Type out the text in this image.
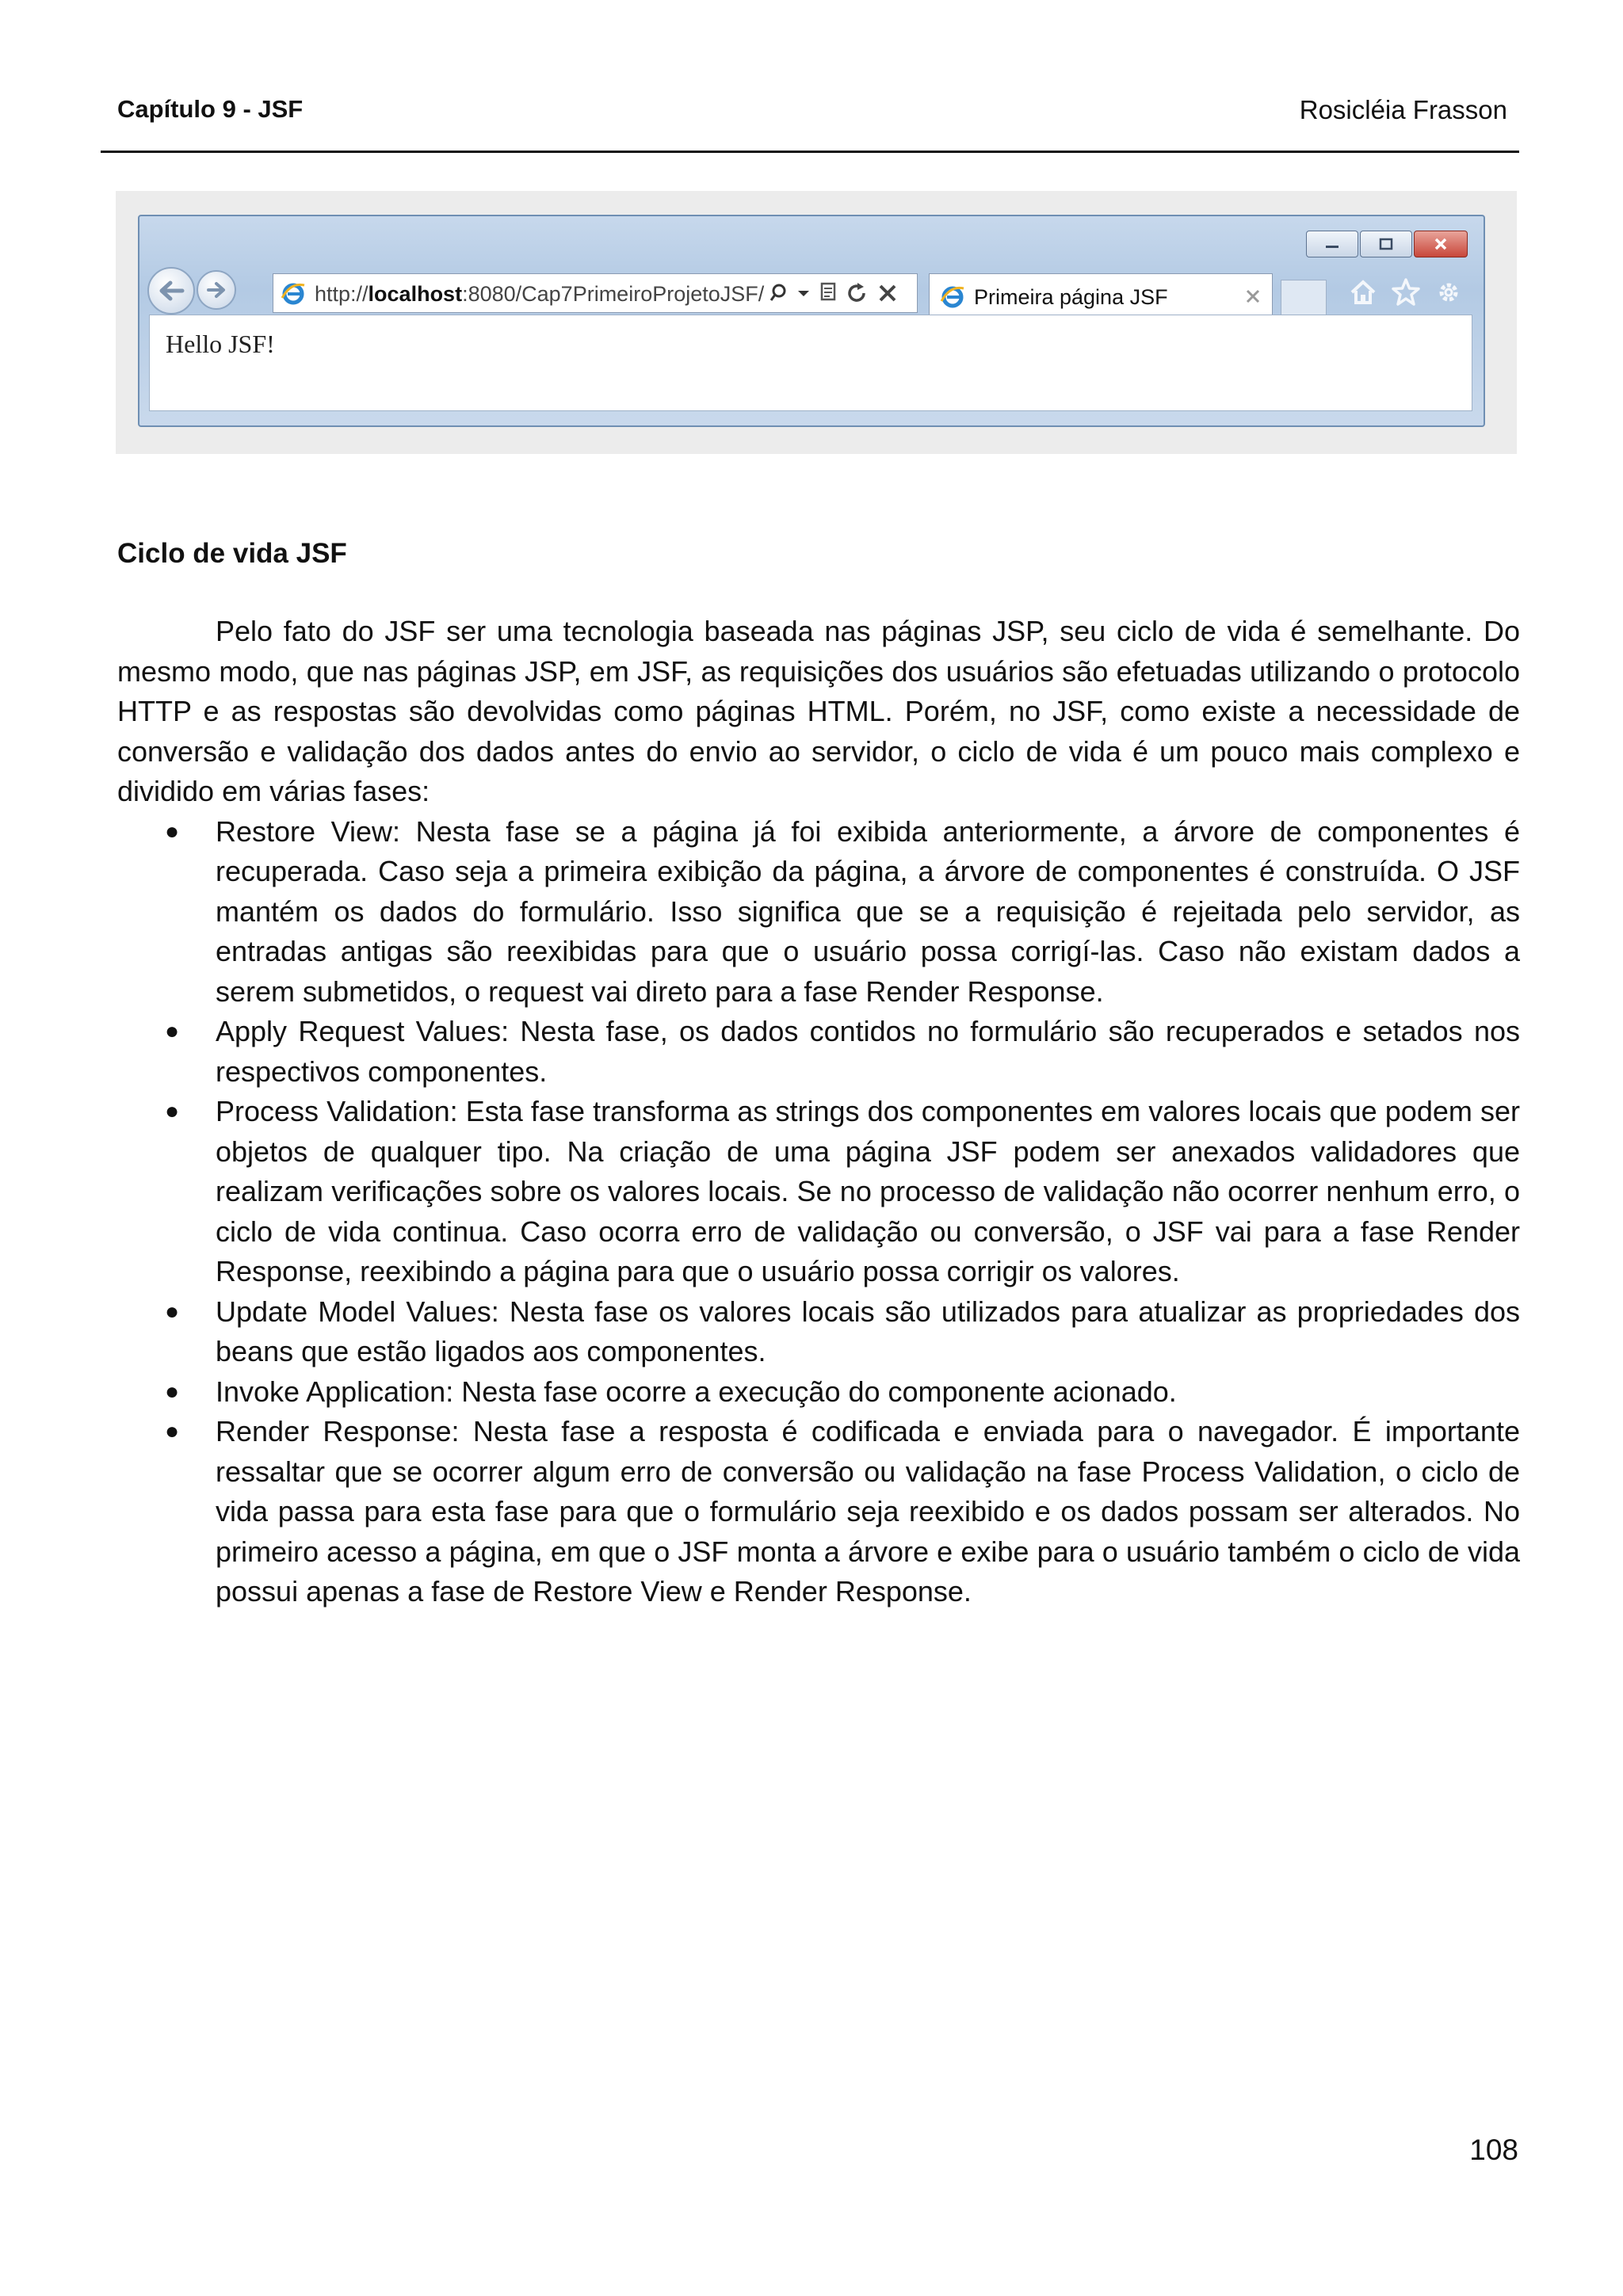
Capítulo 9 - JSF	Rosicléia Frasson
http://localhost:8080/Cap7PrimeiroProjetoJSF/	Primeira página JSF
Hello JSF!
Ciclo de vida JSF

Pelo fato do JSF ser uma tecnologia baseada nas páginas JSP, seu ciclo de vida é semelhante. Do mesmo modo, que nas páginas JSP, em JSF, as requisições dos usuários são efetuadas utilizando o protocolo HTTP e as respostas são devolvidas como páginas HTML. Porém, no JSF, como existe a necessidade de conversão e validação dos dados antes do envio ao servidor, o ciclo de vida é um pouco mais complexo e dividido em várias fases:

● Restore View: Nesta fase se a página já foi exibida anteriormente, a árvore de componentes é recuperada. Caso seja a primeira exibição da página, a árvore de componentes é construída. O JSF mantém os dados do formulário. Isso significa que se a requisição é rejeitada pelo servidor, as entradas antigas são reexibidas para que o usuário possa corrigí-las. Caso não existam dados a serem submetidos, o request vai direto para a fase Render Response.
● Apply Request Values: Nesta fase, os dados contidos no formulário são recuperados e setados nos respectivos componentes.
● Process Validation: Esta fase transforma as strings dos componentes em valores locais que podem ser objetos de qualquer tipo. Na criação de uma página JSF podem ser anexados validadores que realizam verificações sobre os valores locais. Se no processo de validação não ocorrer nenhum erro, o ciclo de vida continua. Caso ocorra erro de validação ou conversão, o JSF vai para a fase Render Response, reexibindo a página para que o usuário possa corrigir os valores.
● Update Model Values: Nesta fase os valores locais são utilizados para atualizar as propriedades dos beans que estão ligados aos componentes.
● Invoke Application: Nesta fase ocorre a execução do componente acionado.
● Render Response: Nesta fase a resposta é codificada e enviada para o navegador. É importante ressaltar que se ocorrer algum erro de conversão ou validação na fase Process Validation, o ciclo de vida passa para esta fase para que o formulário seja reexibido e os dados possam ser alterados. No primeiro acesso a página, em que o JSF monta a árvore e exibe para o usuário também o ciclo de vida possui apenas a fase de Restore View e Render Response.
108
